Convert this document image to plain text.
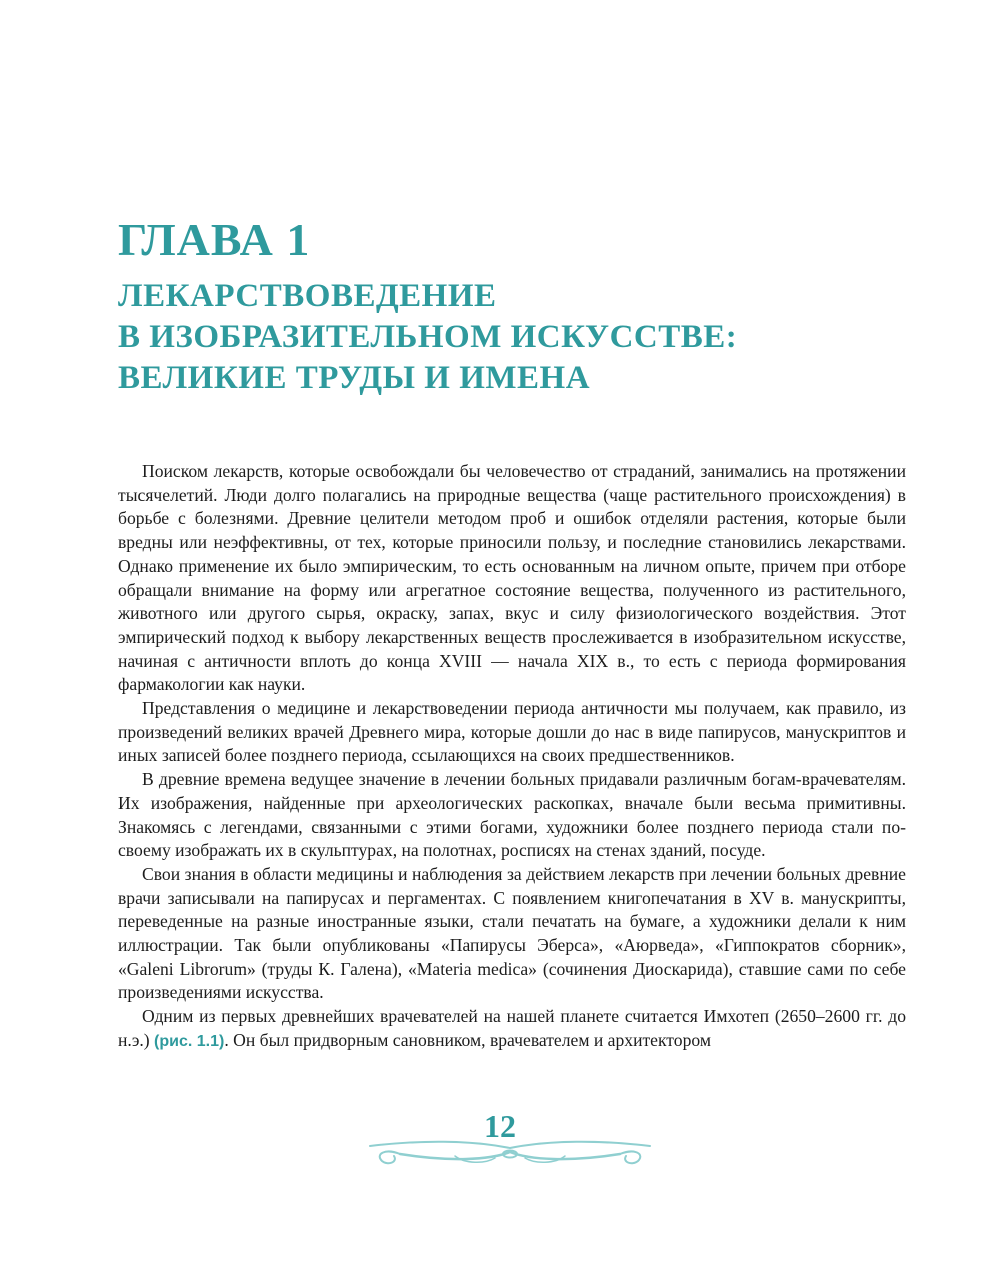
ГЛАВА 1
ЛЕКАРСТВОВЕДЕНИЕ
В ИЗОБРАЗИТЕЛЬНОМ ИСКУССТВЕ:
ВЕЛИКИЕ ТРУДЫ И ИМЕНА

Поиском лекарств, которые освобождали бы человечество от страданий, занимались на протяжении тысячелетий. Люди долго полагались на природные вещества (чаще растительного происхождения) в борьбе с болезнями. Древние целители методом проб и ошибок отделяли растения, которые были вредны или неэффективны, от тех, которые приносили пользу, и последние становились лекарствами. Однако применение их было эмпирическим, то есть основанным на личном опыте, причем при отборе обращали внимание на форму или агрегатное состояние вещества, полученного из растительного, животного или другого сырья, окраску, запах, вкус и силу физиологического воздействия. Этот эмпирический подход к выбору лекарственных веществ прослеживается в изобразительном искусстве, начиная с античности вплоть до конца XVIII — начала XIX в., то есть с периода формирования фармакологии как науки.

Представления о медицине и лекарствоведении периода античности мы получаем, как правило, из произведений великих врачей Древнего мира, которые дошли до нас в виде папирусов, манускриптов и иных записей более позднего периода, ссылающихся на своих предшественников.

В древние времена ведущее значение в лечении больных придавали различным богам-врачевателям. Их изображения, найденные при археологических раскопках, вначале были весьма примитивны. Знакомясь с легендами, связанными с этими богами, художники более позднего периода стали по-своему изображать их в скульптурах, на полотнах, росписях на стенах зданий, посуде.

Свои знания в области медицины и наблюдения за действием лекарств при лечении больных древние врачи записывали на папирусах и пергаментах. С появлением книгопечатания в XV в. манускрипты, переведенные на разные иностранные языки, стали печатать на бумаге, а художники делали к ним иллюстрации. Так были опубликованы «Папирусы Эберса», «Аюрведа», «Гиппократов сборник», «Galeni Librorum» (труды К. Галена), «Materia medica» (сочинения Диоскарида), ставшие сами по себе произведениями искусства.

Одним из первых древнейших врачевателей на нашей планете считается Имхотеп (2650–2600 гг. до н.э.) (рис. 1.1). Он был придворным сановником, врачевателем и архитектором

12
